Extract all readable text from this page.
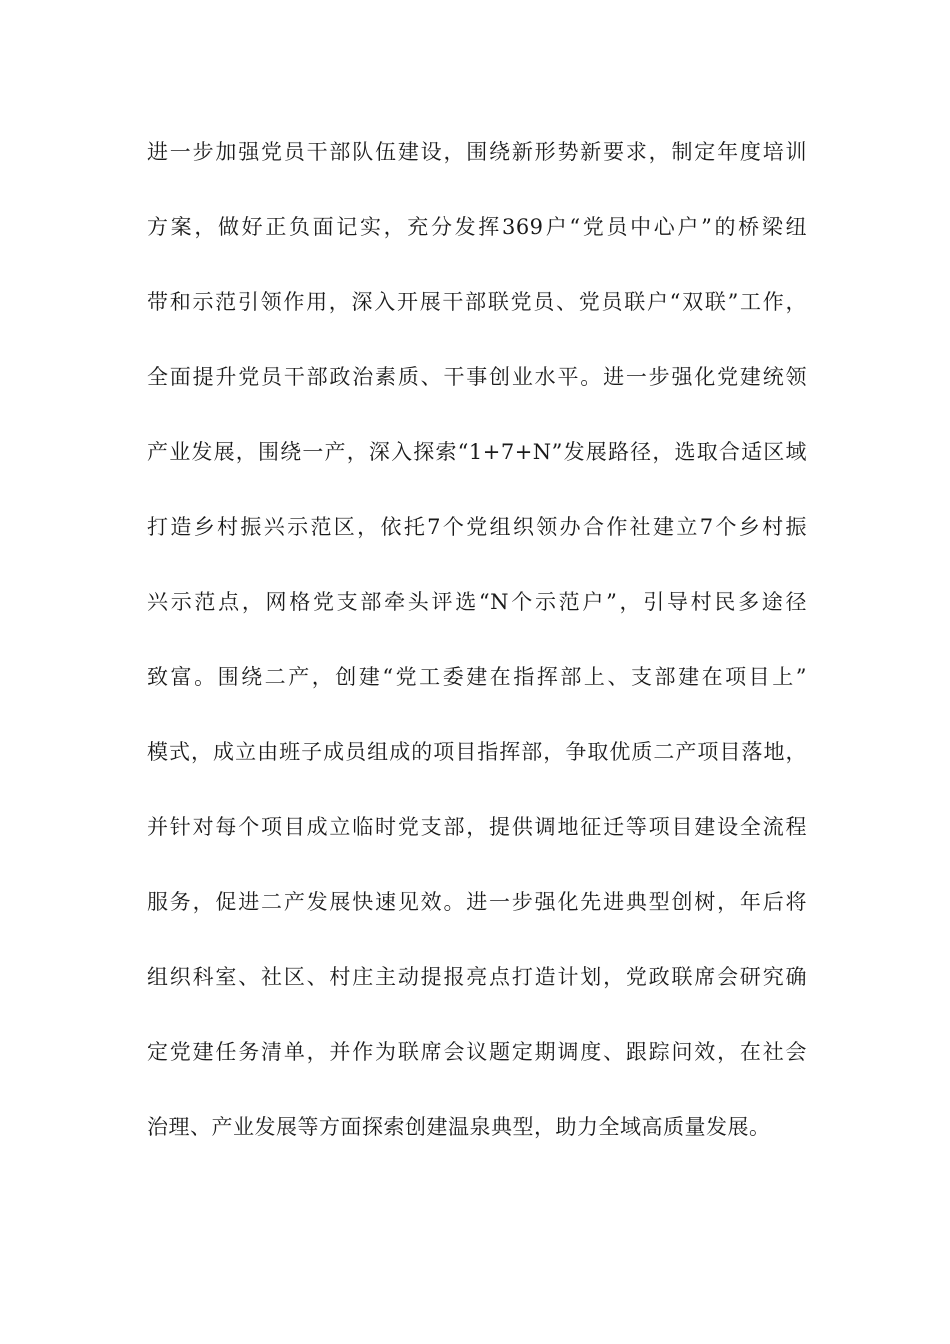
进一步加强党员干部队伍建设，围绕新形势新要求，制定年度培训
方案，做好正负面记实，充分发挥369户“党员中心户”的桥梁纽
带和示范引领作用，深入开展干部联党员、党员联户“双联”工作，
全面提升党员干部政治素质、干事创业水平。进一步强化党建统领
产业发展，围绕一产，深入探索“1+7+N”发展路径，选取合适区域
打造乡村振兴示范区，依托7个党组织领办合作社建立7个乡村振
兴示范点，网格党支部牵头评选“N个示范户”，引导村民多途径
致富。围绕二产，创建“党工委建在指挥部上、支部建在项目上”
模式，成立由班子成员组成的项目指挥部，争取优质二产项目落地，
并针对每个项目成立临时党支部，提供调地征迁等项目建设全流程
服务，促进二产发展快速见效。进一步强化先进典型创树，年后将
组织科室、社区、村庄主动提报亮点打造计划，党政联席会研究确
定党建任务清单，并作为联席会议题定期调度、跟踪问效，在社会
治理、产业发展等方面探索创建温泉典型，助力全域高质量发展。
